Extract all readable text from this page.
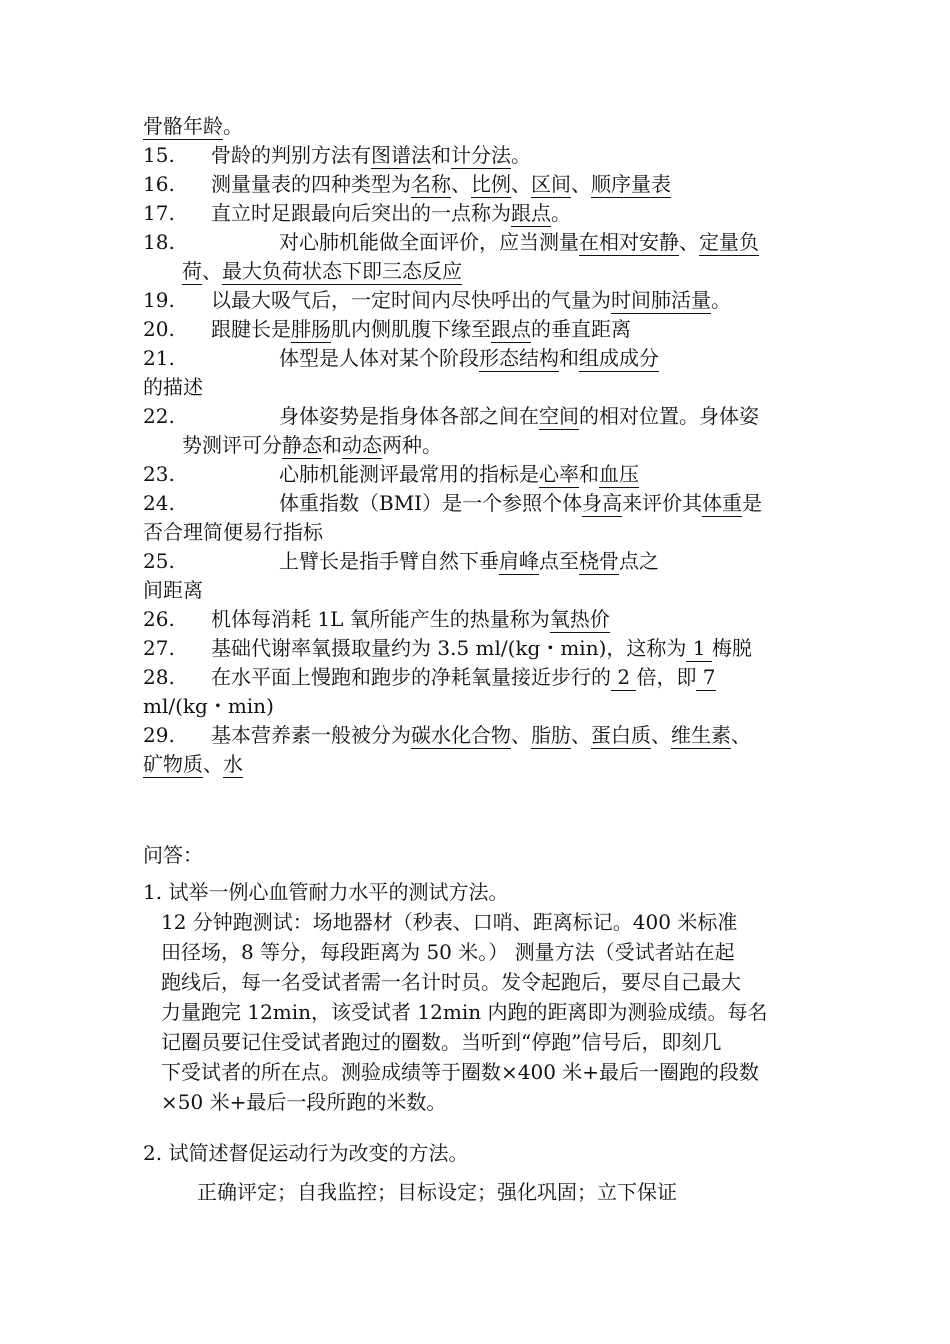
骨骼年龄。
15. 骨龄的判别方法有图谱法和计分法。
16. 测量量表的四种类型为名称、比例、区间、顺序量表
17. 直立时足跟最向后突出的一点称为跟点。
18.	对心肺机能做全面评价，应当测量在相对安静、定量负
荷、最大负荷状态下即三态反应
19. 以最大吸气后，一定时间内尽快呼出的气量为时间肺活量。
20. 跟腱长是腓肠肌内侧肌腹下缘至跟点的垂直距离
21.	体型是人体对某个阶段形态结构和组成成分
的描述
22.	身体姿势是指身体各部之间在空间的相对位置。身体姿
势测评可分静态和动态两种。
23.	心肺机能测评最常用的指标是心率和血压
24.	体重指数（BMI）是一个参照个体身高来评价其体重是
否合理简便易行指标
25.	上臂长是指手臂自然下垂肩峰点至桡骨点之
间距离
26. 机体每消耗 1L 氧所能产生的热量称为氧热价
27. 基础代谢率氧摄取量约为 3.5 ml/(kg・min)，这称为 1 梅脱
28. 在水平面上慢跑和跑步的净耗氧量接近步行的 2 倍，即 7
ml/(kg・min)
29. 基本营养素一般被分为碳水化合物、脂肪、蛋白质、维生素、
矿物质、水
问答：
1. 试举一例心血管耐力水平的测试方法。
12 分钟跑测试：场地器材（秒表、口哨、距离标记。400 米标准
田径场，8 等分，每段距离为 50 米。） 测量方法（受试者站在起
跑线后，每一名受试者需一名计时员。发令起跑后，要尽自己最大
力量跑完 12min，该受试者 12min 内跑的距离即为测验成绩。每名
记圈员要记住受试者跑过的圈数。当听到“停跑”信号后，即刻几
下受试者的所在点。测验成绩等于圈数×400 米+最后一圈跑的段数
×50 米+最后一段所跑的米数。
2. 试简述督促运动行为改变的方法。
正确评定；自我监控；目标设定；强化巩固；立下保证
